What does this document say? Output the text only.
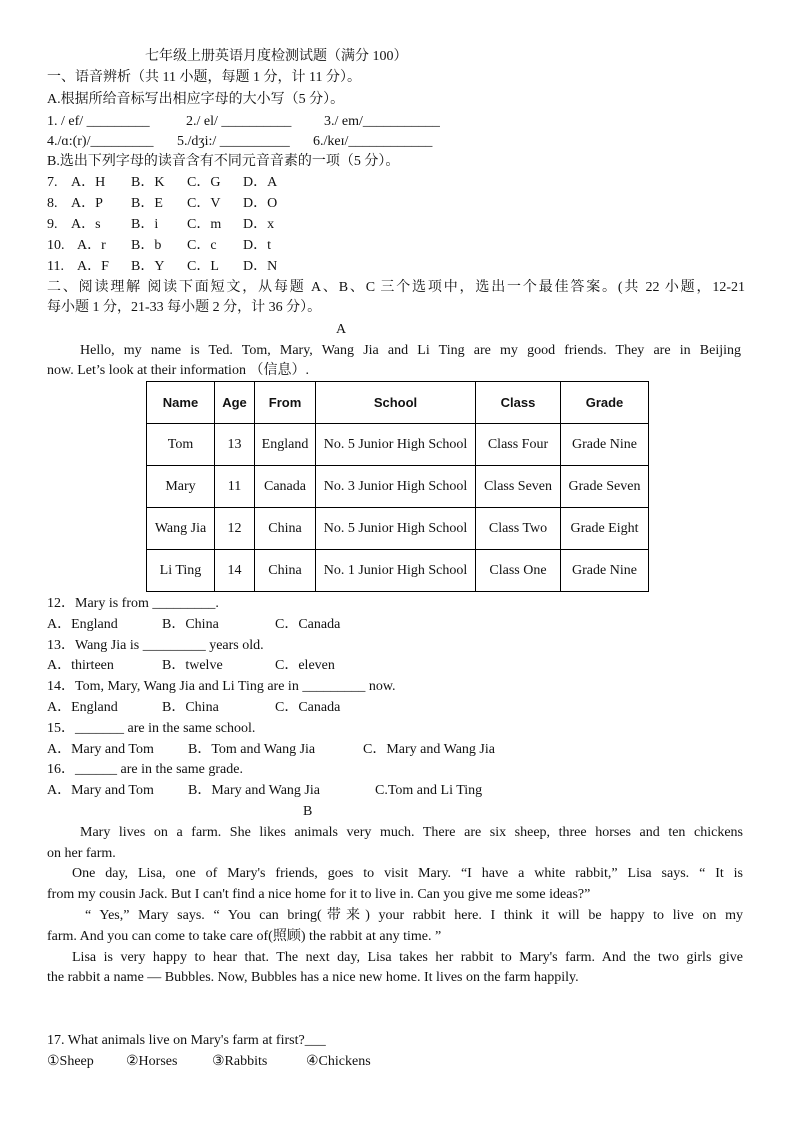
七年级上册英语月度检测试题（满分 100）
一、语音辨析（共 11 小题，每题 1 分，计 11 分）。
A.根据所给音标写出相应字母的大小写（5 分）。
1. / ef/ _________	2./ el/ __________ 3./ em/___________
4./ɑ:(r)/_________ 5./dʒi:/ __________ 6./keɪ/____________
B.选出下列字母的读音含有不同元音音素的一项（5 分）。
7. A．H B．K C．G D．A
8. A．P B．E C．V D．O
9. A．s B．i C．m D．x
10. A．r B．b C．c D．t
11. A．F B．Y C．L D．N
二、阅读理解 阅读下面短文，从每题 A、B、C 三个选项中，选出一个最佳答案。(共 22 小题，12-21
每小题 1 分，21-33 每小题 2 分，计 36 分）。
A
Hello, my name is Ted. Tom, Mary, Wang Jia and Li Ting are my good friends. They are in Beijing
now. Let’s look at their information （信息）.
Name	Age	From	School	Class	Grade
Tom	13	England	No. 5 Junior High School	Class Four	Grade Nine
Mary	11	Canada	No. 3 Junior High School	Class Seven	Grade Seven
Wang Jia	12	China	No. 5 Junior High School	Class Two	Grade Eight
Li Ting	14	China	No. 1 Junior High School	Class One	Grade Nine
12．Mary is from _________.
A．England	B．China	C．Canada
13．Wang Jia is _________ years old.
A．thirteen	B．twelve	C．eleven
14．Tom, Mary, Wang Jia and Li Ting are in _________ now.
A．England	B．China	C．Canada
15．_______ are in the same school.
A．Mary and Tom B．Tom and Wang Jia	C．Mary and Wang Jia
16．______ are in the same grade.
A．Mary and Tom B．Mary and Wang Jia	C.Tom and Li Ting
B
Mary lives on a farm. She likes animals very much. There are six sheep, three horses and ten chickens
on her farm.
One day, Lisa, one of Mary's friends, goes to visit Mary. “I have a white rabbit,” Lisa says. “ It is
from my cousin Jack. But I can't find a nice home for it to live in. Can you give me some ideas?”
“ Yes,” Mary says. “ You can bring(带来) your rabbit here. I think it will be happy to live on my
farm. And you can come to take care of(照顾) the rabbit at any time. ”
Lisa is very happy to hear that. The next day, Lisa takes her rabbit to Mary's farm. And the two girls give
the rabbit a name — Bubbles. Now, Bubbles has a nice new home. It lives on the farm happily.
17. What animals live on Mary's farm at first?___
①Sheep ②Horses ③Rabbits	④Chickens
